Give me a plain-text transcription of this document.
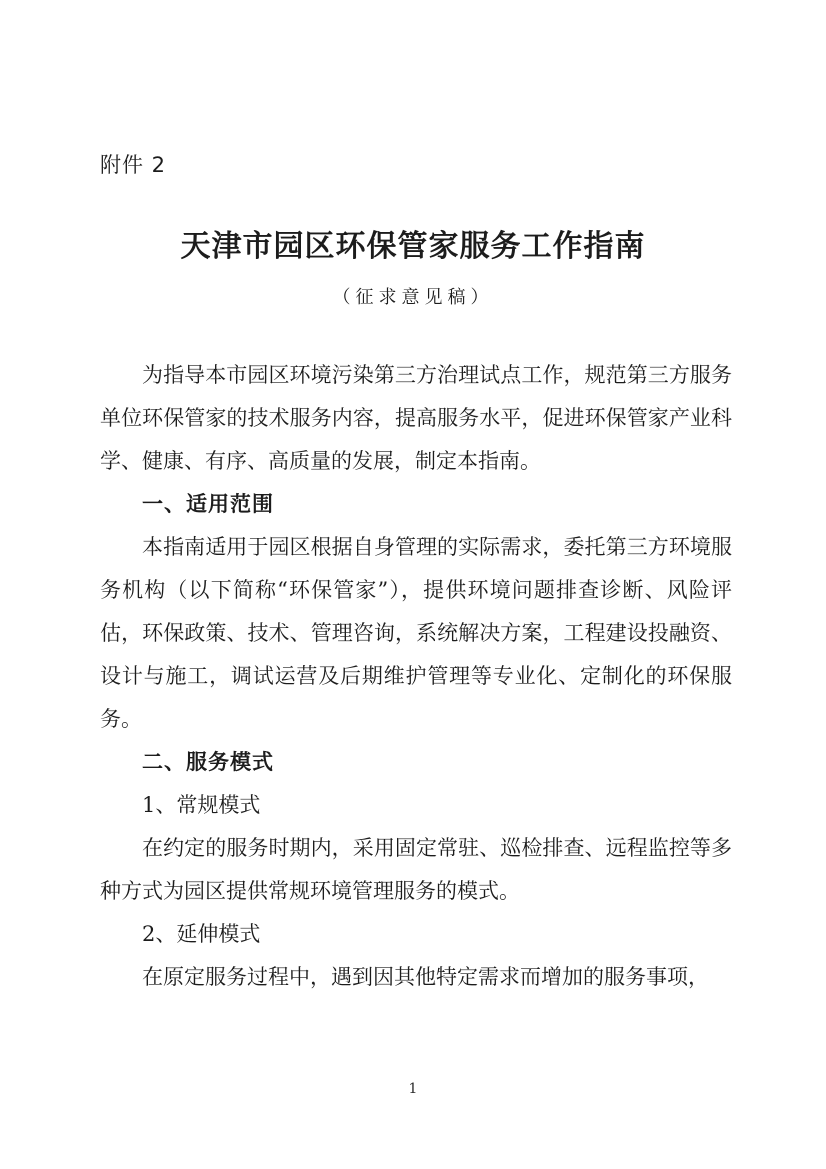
附件 2
天津市园区环保管家服务工作指南
（征求意见稿）

为指导本市园区环境污染第三方治理试点工作，规范第三方服务单位环保管家的技术服务内容，提高服务水平，促进环保管家产业科学、健康、有序、高质量的发展，制定本指南。

一、适用范围

本指南适用于园区根据自身管理的实际需求，委托第三方环境服务机构（以下简称“环保管家”），提供环境问题排查诊断、风险评估，环保政策、技术、管理咨询，系统解决方案，工程建设投融资、设计与施工，调试运营及后期维护管理等专业化、定制化的环保服务。

二、服务模式

1、常规模式

在约定的服务时期内，采用固定常驻、巡检排查、远程监控等多种方式为园区提供常规环境管理服务的模式。

2、延伸模式

在原定服务过程中，遇到因其他特定需求而增加的服务事项，

1
